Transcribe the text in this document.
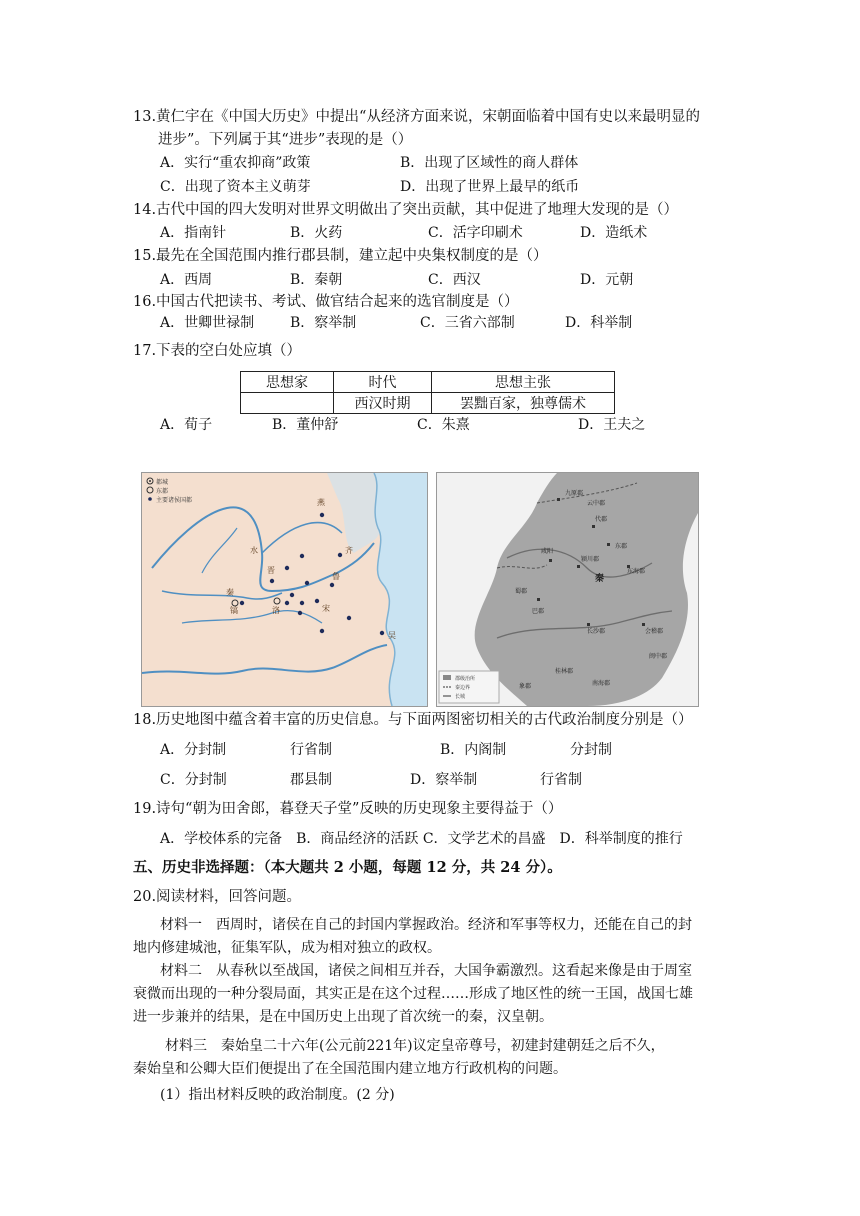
13.黄仁宇在《中国大历史》中提出“从经济方面来说，宋朝面临着中国有史以来最明显的
进步”。下列属于其“进步”表现的是（）
A．实行“重农抑商”政策	B．出现了区域性的商人群体
C．出现了资本主义萌芽	D．出现了世界上最早的纸币
14.古代中国的四大发明对世界文明做出了突出贡献，其中促进了地理大发现的是（）
A．指南针	B．火药	C．活字印刷术	D．造纸术
15.最先在全国范围内推行郡县制，建立起中央集权制度的是（）
A．西周	B．秦朝	C．西汉	D．元朝
16.中国古代把读书、考试、做官结合起来的选官制度是（）
A．世卿世禄制	B．察举制	C．三省六部制	D．科举制
17.下表的空白处应填（）
思想家	时代	思想主张
	西汉时期	罢黜百家，独尊儒术
A．荀子	B．董仲舒	C．朱熹	D．王夫之
都城
东都
主要诸侯国都	燕
齐
晋
鲁
洛	宋
吴
秦
镐
水
郡级治所
秦边界
长城
九原郡
代郡
咸阳
秦
颍川郡
东海郡
会稽郡
闽中郡
桂林郡
象郡	南海郡
长沙郡
巴郡
蜀郡
云中郡
东郡
18.历史地图中蕴含着丰富的历史信息。与下面两图密切相关的古代政治制度分别是（）
A．分封制	行省制	B．内阁制	分封制
C．分封制	郡县制	D．察举制	行省制
19.诗句“朝为田舍郎，暮登天子堂”反映的历史现象主要得益于（）
A．学校体系的完备　B．商品经济的活跃 C．文学艺术的昌盛　D．科举制度的推行
五、历史非选择题：（本大题共 2 小题，每题 12 分，共 24 分）。
20.阅读材料，回答问题。
材料一　西周时，诸侯在自己的封国内掌握政治。经济和军事等权力，还能在自己的封
地内修建城池，征集军队，成为相对独立的政权。
材料二　从春秋以至战国，诸侯之间相互并吞，大国争霸激烈。这看起来像是由于周室
衰微而出现的一种分裂局面，其实正是在这个过程……形成了地区性的统一王国，战国七雄
进一步兼并的结果，是在中国历史上出现了首次统一的秦，汉皇朝。
材料三　秦始皇二十六年(公元前221年)议定皇帝尊号，初建封建朝廷之后不久，
秦始皇和公卿大臣们便提出了在全国范围内建立地方行政机构的问题。
(1）指出材料反映的政治制度。(2 分)
